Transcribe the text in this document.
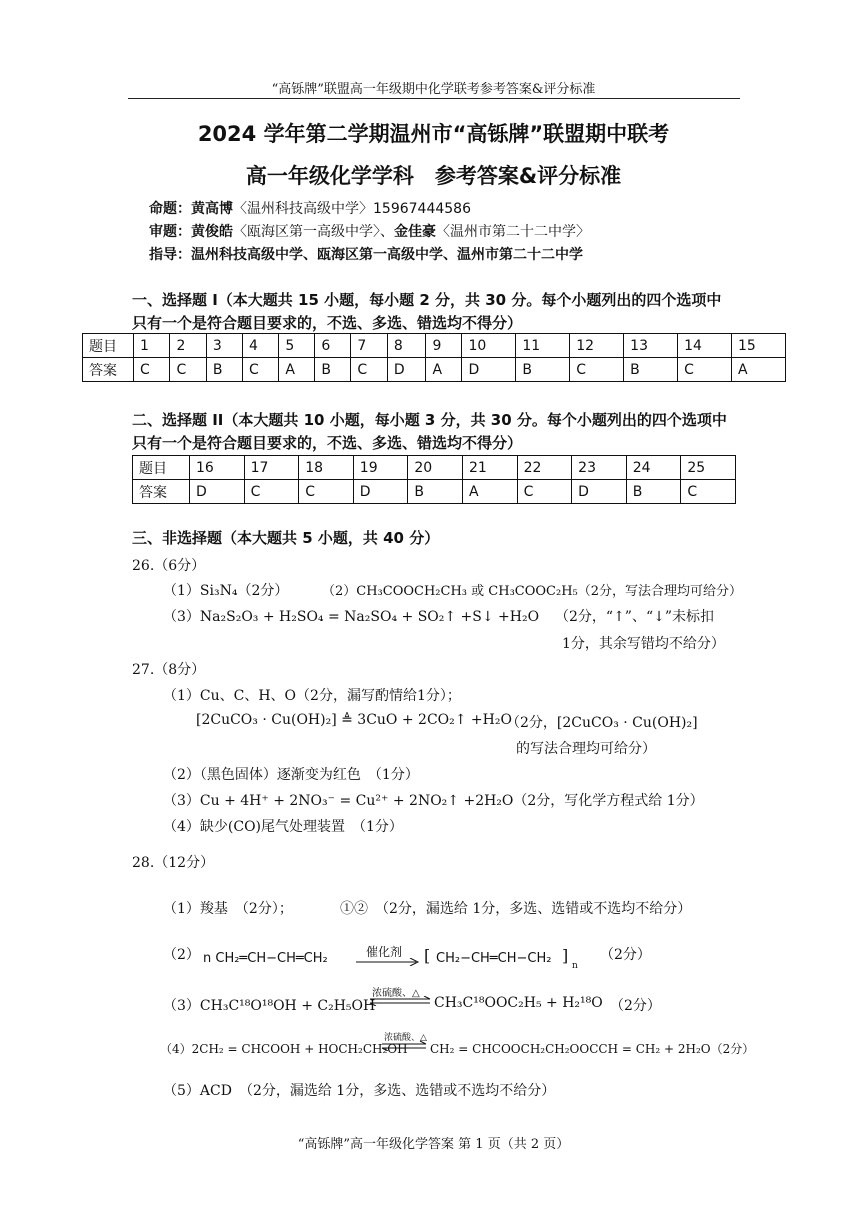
“高铄牌”联盟高一年级期中化学联考参考答案&评分标准
2024 学年第二学期温州市“高铄牌”联盟期中联考
高一年级化学学科　参考答案&评分标准
命题：黄高博〈温州科技高级中学〉15967444586
审题：黄俊皓〈瓯海区第一高级中学〉、金佳豪〈温州市第二十二中学〉
指导：温州科技高级中学、瓯海区第一高级中学、温州市第二十二中学
一、选择题 I（本大题共 15 小题，每小题 2 分，共 30 分。每个小题列出的四个选项中
只有一个是符合题目要求的，不选、多选、错选均不得分）
题目	1	2	3	4	5	6	7	8	9	10	11	12	13	14	15
答案	C	C	B	C	A	B	C	D	A	D	B	C	B	C	A
二、选择题 II（本大题共 10 小题，每小题 3 分，共 30 分。每个小题列出的四个选项中
只有一个是符合题目要求的，不选、多选、错选均不得分）
题目	16	17	18	19	20	21	22	23	24	25
答案	D	C	C	D	B	A	C	D	B	C
三、非选择题（本大题共 5 小题，共 40 分）
26.（6分）
（1）Si₃N₄（2分）	（2）CH₃COOCH₂CH₃ 或 CH₃COOC₂H₅（2分，写法合理均可给分）
（3）Na₂S₂O₃ + H₂SO₄ = Na₂SO₄ + SO₂↑ +S↓ +H₂O （2分，“↑”、“↓”未标扣
1分，其余写错均不给分）
27.（8分）
（1）Cu、C、H、O（2分，漏写酌情给1分）；
[2CuCO₃ · Cu(OH)₂] ≜ 3CuO + 2CO₂↑ +H₂O
（2分，[2CuCO₃ · Cu(OH)₂]
的写法合理均可给分）
（2）（黑色固体）逐渐变为红色　（1分）
（3）Cu + 4H⁺ + 2NO₃⁻ = Cu²⁺ + 2NO₂↑ +2H₂O（2分，写化学方程式给 1分）
（4）缺少(CO)尾气处理装置　（1分）
28.（12分）
（1）羧基　（2分）；	①②　（2分，漏选给 1分，多选、选错或不选均不给分）
（2） n CH₂═CH−CH═CH₂	催化剂 → [ CH₂−CH═CH−CH₂ ]
n
（2分）
（3）CH₃C¹⁸O¹⁸OH + C₂H₅OH
浓硫酸、△
⇌ CH₃C¹⁸OOC₂H₅ + H₂¹⁸O （2分）
（4）2CH₂ = CHCOOH + HOCH₂CH₂OH
浓硫酸、△
⇌ CH₂ = CHCOOCH₂CH₂OOCCH = CH₂ + 2H₂O（2分）
（5）ACD　（2分，漏选给 1分，多选、选错或不选均不给分）
“高铄牌”高一年级化学答案 第 1 页（共 2 页）
